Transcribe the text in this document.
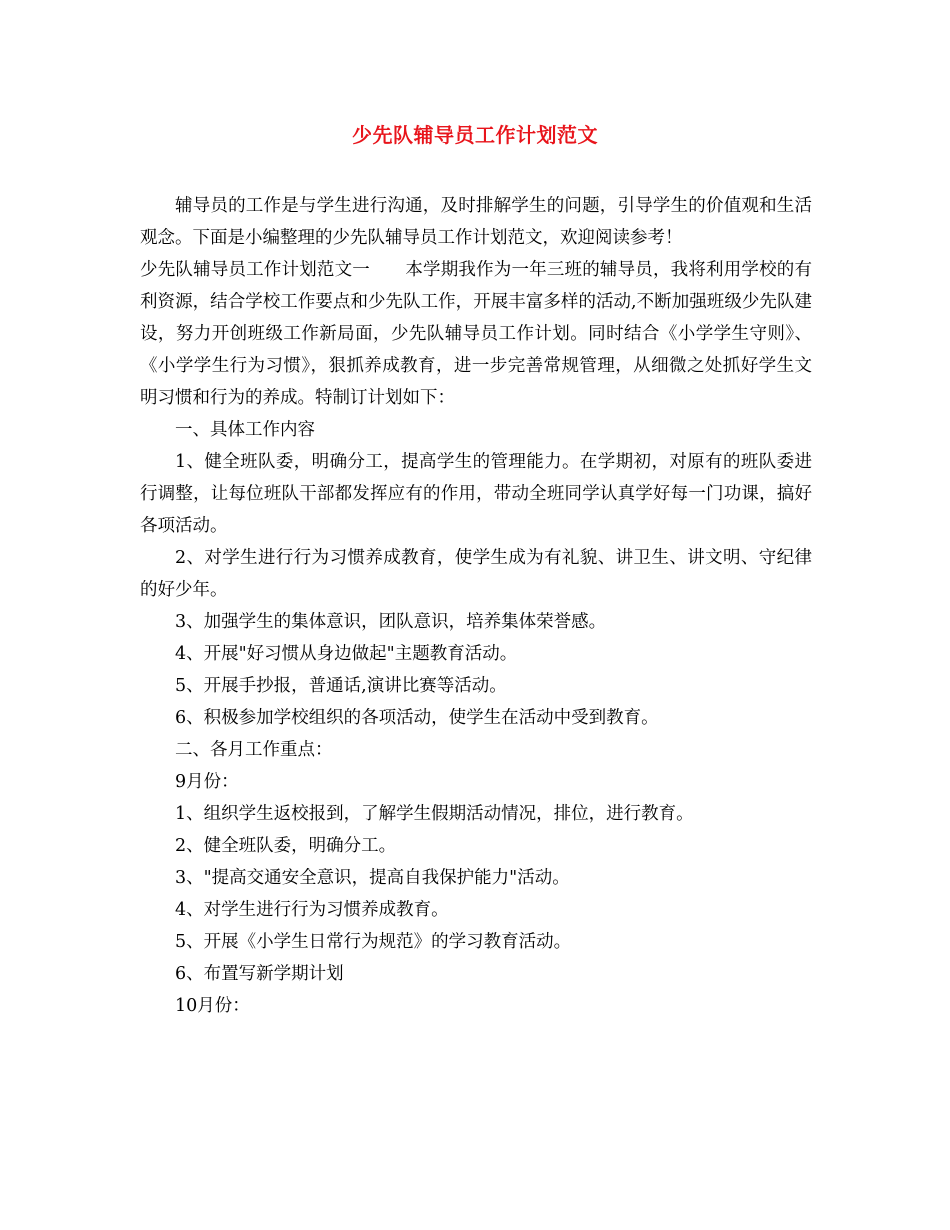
少先队辅导员工作计划范文

辅导员的工作是与学生进行沟通，及时排解学生的问题，引导学生的价值观和生活观念。下面是小编整理的少先队辅导员工作计划范文，欢迎阅读参考！

少先队辅导员工作计划范文一　　本学期我作为一年三班的辅导员，我将利用学校的有利资源，结合学校工作要点和少先队工作，开展丰富多样的活动,不断加强班级少先队建设，努力开创班级工作新局面，少先队辅导员工作计划。同时结合《小学学生守则》、《小学学生行为习惯》，狠抓养成教育，进一步完善常规管理，从细微之处抓好学生文明习惯和行为的养成。特制订计划如下：

一、具体工作内容

1、健全班队委，明确分工，提高学生的管理能力。在学期初，对原有的班队委进行调整，让每位班队干部都发挥应有的作用，带动全班同学认真学好每一门功课，搞好各项活动。

2、对学生进行行为习惯养成教育，使学生成为有礼貌、讲卫生、讲文明、守纪律的好少年。

3、加强学生的集体意识，团队意识，培养集体荣誉感。

4、开展"好习惯从身边做起"主题教育活动。

5、开展手抄报，普通话,演讲比赛等活动。

6、积极参加学校组织的各项活动，使学生在活动中受到教育。

二、各月工作重点：

9月份：

1、组织学生返校报到，了解学生假期活动情况，排位，进行教育。

2、健全班队委，明确分工。

3、"提高交通安全意识，提高自我保护能力"活动。

4、对学生进行行为习惯养成教育。

5、开展《小学生日常行为规范》的学习教育活动。

6、布置写新学期计划

10月份：
